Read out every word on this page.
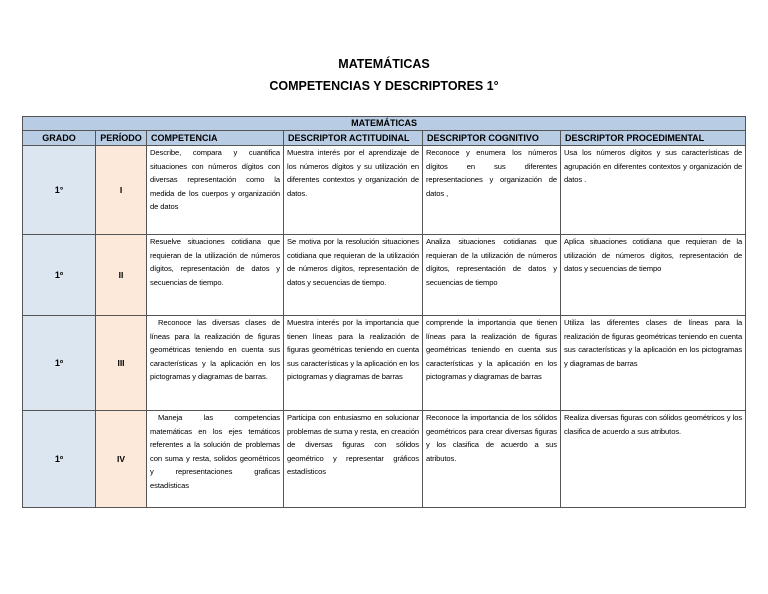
MATEMÁTICAS
COMPETENCIAS Y DESCRIPTORES 1°
MATEMÁTICAS					
GRADO	PERÍODO	COMPETENCIA	DESCRIPTOR ACTITUDINAL	DESCRIPTOR COGNITIVO	DESCRIPTOR PROCEDIMENTAL
1°	I	Describe, compara y cuantifica situaciones con números dígitos con diversas representación como la medida de los cuerpos y organización de datos	Muestra interés por el aprendizaje de los números dígitos y su utilización en diferentes contextos y organización de datos.	Reconoce y enumera los números dígitos en sus diferentes representaciones y organización de datos ,	Usa los números dígitos y sus características de agrupación en diferentes contextos y organización de datos .
1º	II	Resuelve situaciones cotidiana que requieran de la utilización de números dígitos, representación de datos y secuencias de tiempo.	Se motiva por la resolución situaciones cotidiana que requieran de la utilización de números dígitos, representación de datos y secuencias de tiempo.	Analiza situaciones cotidianas que requieran de la utilización de números dígitos, representación de datos y secuencias de tiempo	Aplica situaciones cotidiana que requieran de la utilización de números dígitos, representación de datos y secuencias de tiempo
1º	III	Reconoce las diversas clases de líneas para la realización de figuras geométricas teniendo en cuenta sus características y la aplicación en los pictogramas y diagramas de barras.	Muestra interés por la importancia que tienen líneas para la realización de figuras geométricas teniendo en cuenta sus características y la aplicación en los pictogramas y diagramas de barras	comprende la importancia que tienen líneas para la realización de figuras geométricas teniendo en cuenta sus características y la aplicación en los pictogramas y diagramas de barras	Utiliza las diferentes clases de líneas para la realización de figuras geométricas teniendo en cuenta sus características y la aplicación en los pictogramas y diagramas de barras
1º	IV	Maneja las competencias matemáticas en los ejes temáticos referentes a la solución de problemas con suma y resta, solidos geométricos y representaciones graficas estadísticas	Participa con entusiasmo en solucionar problemas de suma y resta, en creación de diversas figuras con sólidos geométrico y representar gráficos estadísticos	Reconoce la importancia de los sólidos geométricos para crear diversas figuras y los clasifica de acuerdo a sus atributos.	Realiza diversas figuras con sólidos geométricos y los clasifica de acuerdo a sus atributos.
